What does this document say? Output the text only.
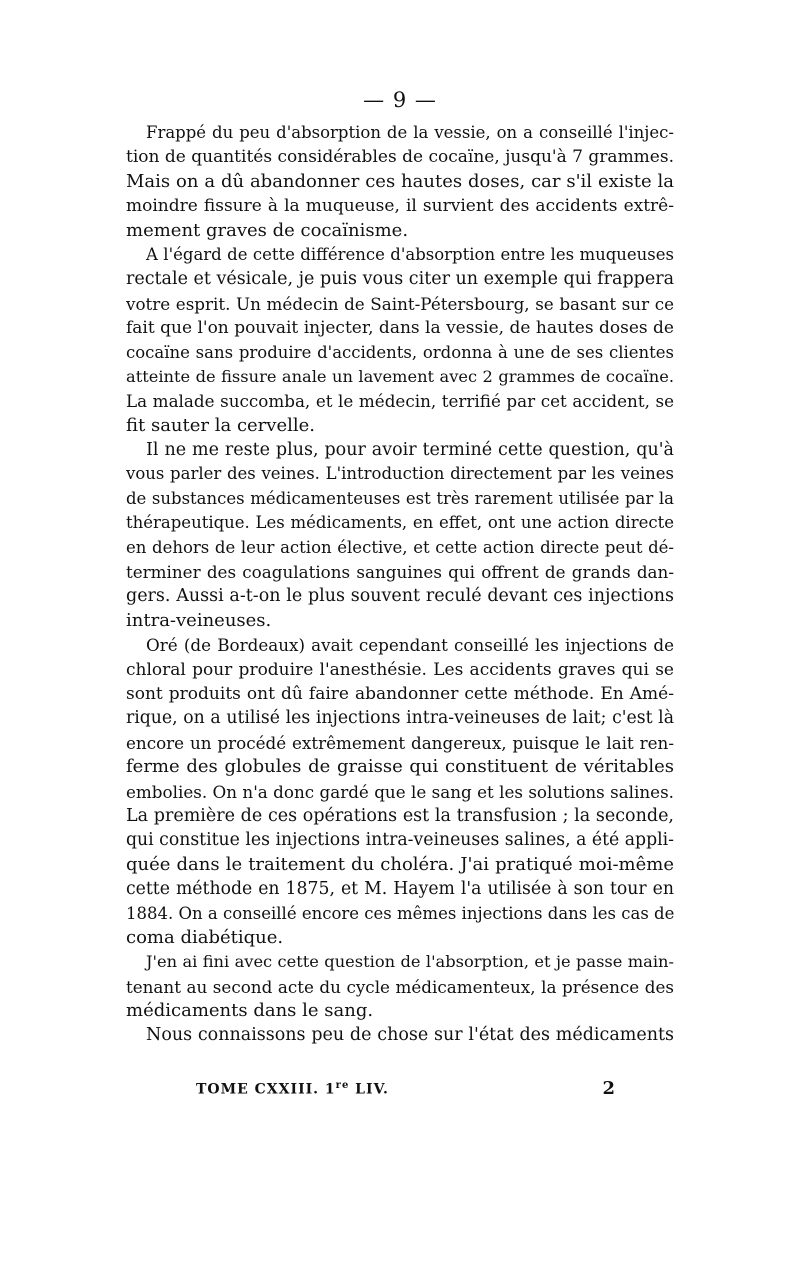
— 9 —
Frappé du peu d'absorption de la vessie, on a conseillé l'injec-
tion de quantités considérables de cocaïne, jusqu'à 7 grammes.
Mais on a dû abandonner ces hautes doses, car s'il existe la
moindre fissure à la muqueuse, il survient des accidents extrê-
mement graves de cocaïnisme.
A l'égard de cette différence d'absorption entre les muqueuses
rectale et vésicale, je puis vous citer un exemple qui frappera
votre esprit. Un médecin de Saint-Pétersbourg, se basant sur ce
fait que l'on pouvait injecter, dans la vessie, de hautes doses de
cocaïne sans produire d'accidents, ordonna à une de ses clientes
atteinte de fissure anale un lavement avec 2 grammes de cocaïne.
La malade succomba, et le médecin, terrifié par cet accident, se
fit sauter la cervelle.
Il ne me reste plus, pour avoir terminé cette question, qu'à
vous parler des veines. L'introduction directement par les veines
de substances médicamenteuses est très rarement utilisée par la
thérapeutique. Les médicaments, en effet, ont une action directe
en dehors de leur action élective, et cette action directe peut dé-
terminer des coagulations sanguines qui offrent de grands dan-
gers. Aussi a-t-on le plus souvent reculé devant ces injections
intra-veineuses.
Oré (de Bordeaux) avait cependant conseillé les injections de
chloral pour produire l'anesthésie. Les accidents graves qui se
sont produits ont dû faire abandonner cette méthode. En Amé-
rique, on a utilisé les injections intra-veineuses de lait; c'est là
encore un procédé extrêmement dangereux, puisque le lait ren-
ferme des globules de graisse qui constituent de véritables
embolies. On n'a donc gardé que le sang et les solutions salines.
La première de ces opérations est la transfusion ; la seconde,
qui constitue les injections intra-veineuses salines, a été appli-
quée dans le traitement du choléra. J'ai pratiqué moi-même
cette méthode en 1875, et M. Hayem l'a utilisée à son tour en
1884. On a conseillé encore ces mêmes injections dans les cas de
coma diabétique.
J'en ai fini avec cette question de l'absorption, et je passe main-
tenant au second acte du cycle médicamenteux, la présence des
médicaments dans le sang.
Nous connaissons peu de chose sur l'état des médicaments
TOME CXXIII. 1re LIV.	2
